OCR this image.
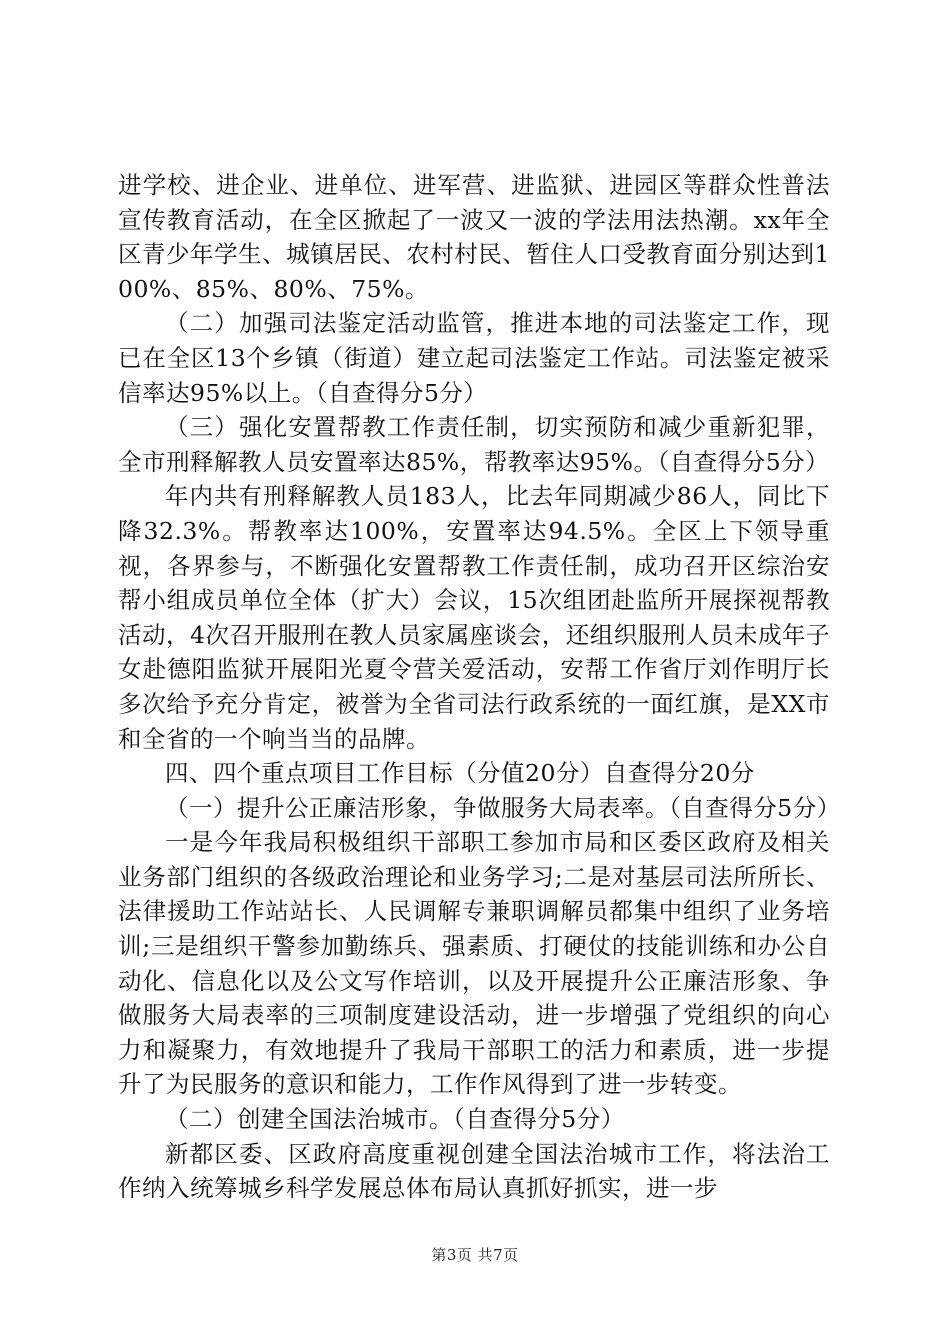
进学校、进企业、进单位、进军营、进监狱、进园区等群众性普法宣传教育活动，在全区掀起了一波又一波的学法用法热潮。xx年全区青少年学生、城镇居民、农村村民、暂住人口受教育面分别达到100%、85%、80%、75%。

（二）加强司法鉴定活动监管，推进本地的司法鉴定工作，现已在全区13个乡镇（街道）建立起司法鉴定工作站。司法鉴定被采信率达95%以上。（自查得分5分）

（三）强化安置帮教工作责任制，切实预防和减少重新犯罪，全市刑释解教人员安置率达85%，帮教率达95%。（自查得分5分）

年内共有刑释解教人员183人，比去年同期减少86人，同比下降32.3%。帮教率达100%，安置率达94.5%。全区上下领导重视，各界参与，不断强化安置帮教工作责任制，成功召开区综治安帮小组成员单位全体（扩大）会议，15次组团赴监所开展探视帮教活动，4次召开服刑在教人员家属座谈会，还组织服刑人员未成年子女赴德阳监狱开展阳光夏令营关爱活动，安帮工作省厅刘作明厅长多次给予充分肯定，被誉为全省司法行政系统的一面红旗，是XX市和全省的一个响当当的品牌。

四、四个重点项目工作目标（分值20分）自查得分20分

（一）提升公正廉洁形象，争做服务大局表率。（自查得分5分）

一是今年我局积极组织干部职工参加市局和区委区政府及相关业务部门组织的各级政治理论和业务学习;二是对基层司法所所长、法律援助工作站站长、人民调解专兼职调解员都集中组织了业务培训;三是组织干警参加勤练兵、强素质、打硬仗的技能训练和办公自动化、信息化以及公文写作培训，以及开展提升公正廉洁形象、争做服务大局表率的三项制度建设活动，进一步增强了党组织的向心力和凝聚力，有效地提升了我局干部职工的活力和素质，进一步提升了为民服务的意识和能力，工作作风得到了进一步转变。

（二）创建全国法治城市。（自查得分5分）

新都区委、区政府高度重视创建全国法治城市工作，将法治工作纳入统筹城乡科学发展总体布局认真抓好抓实，进一步

第3页 共7页
